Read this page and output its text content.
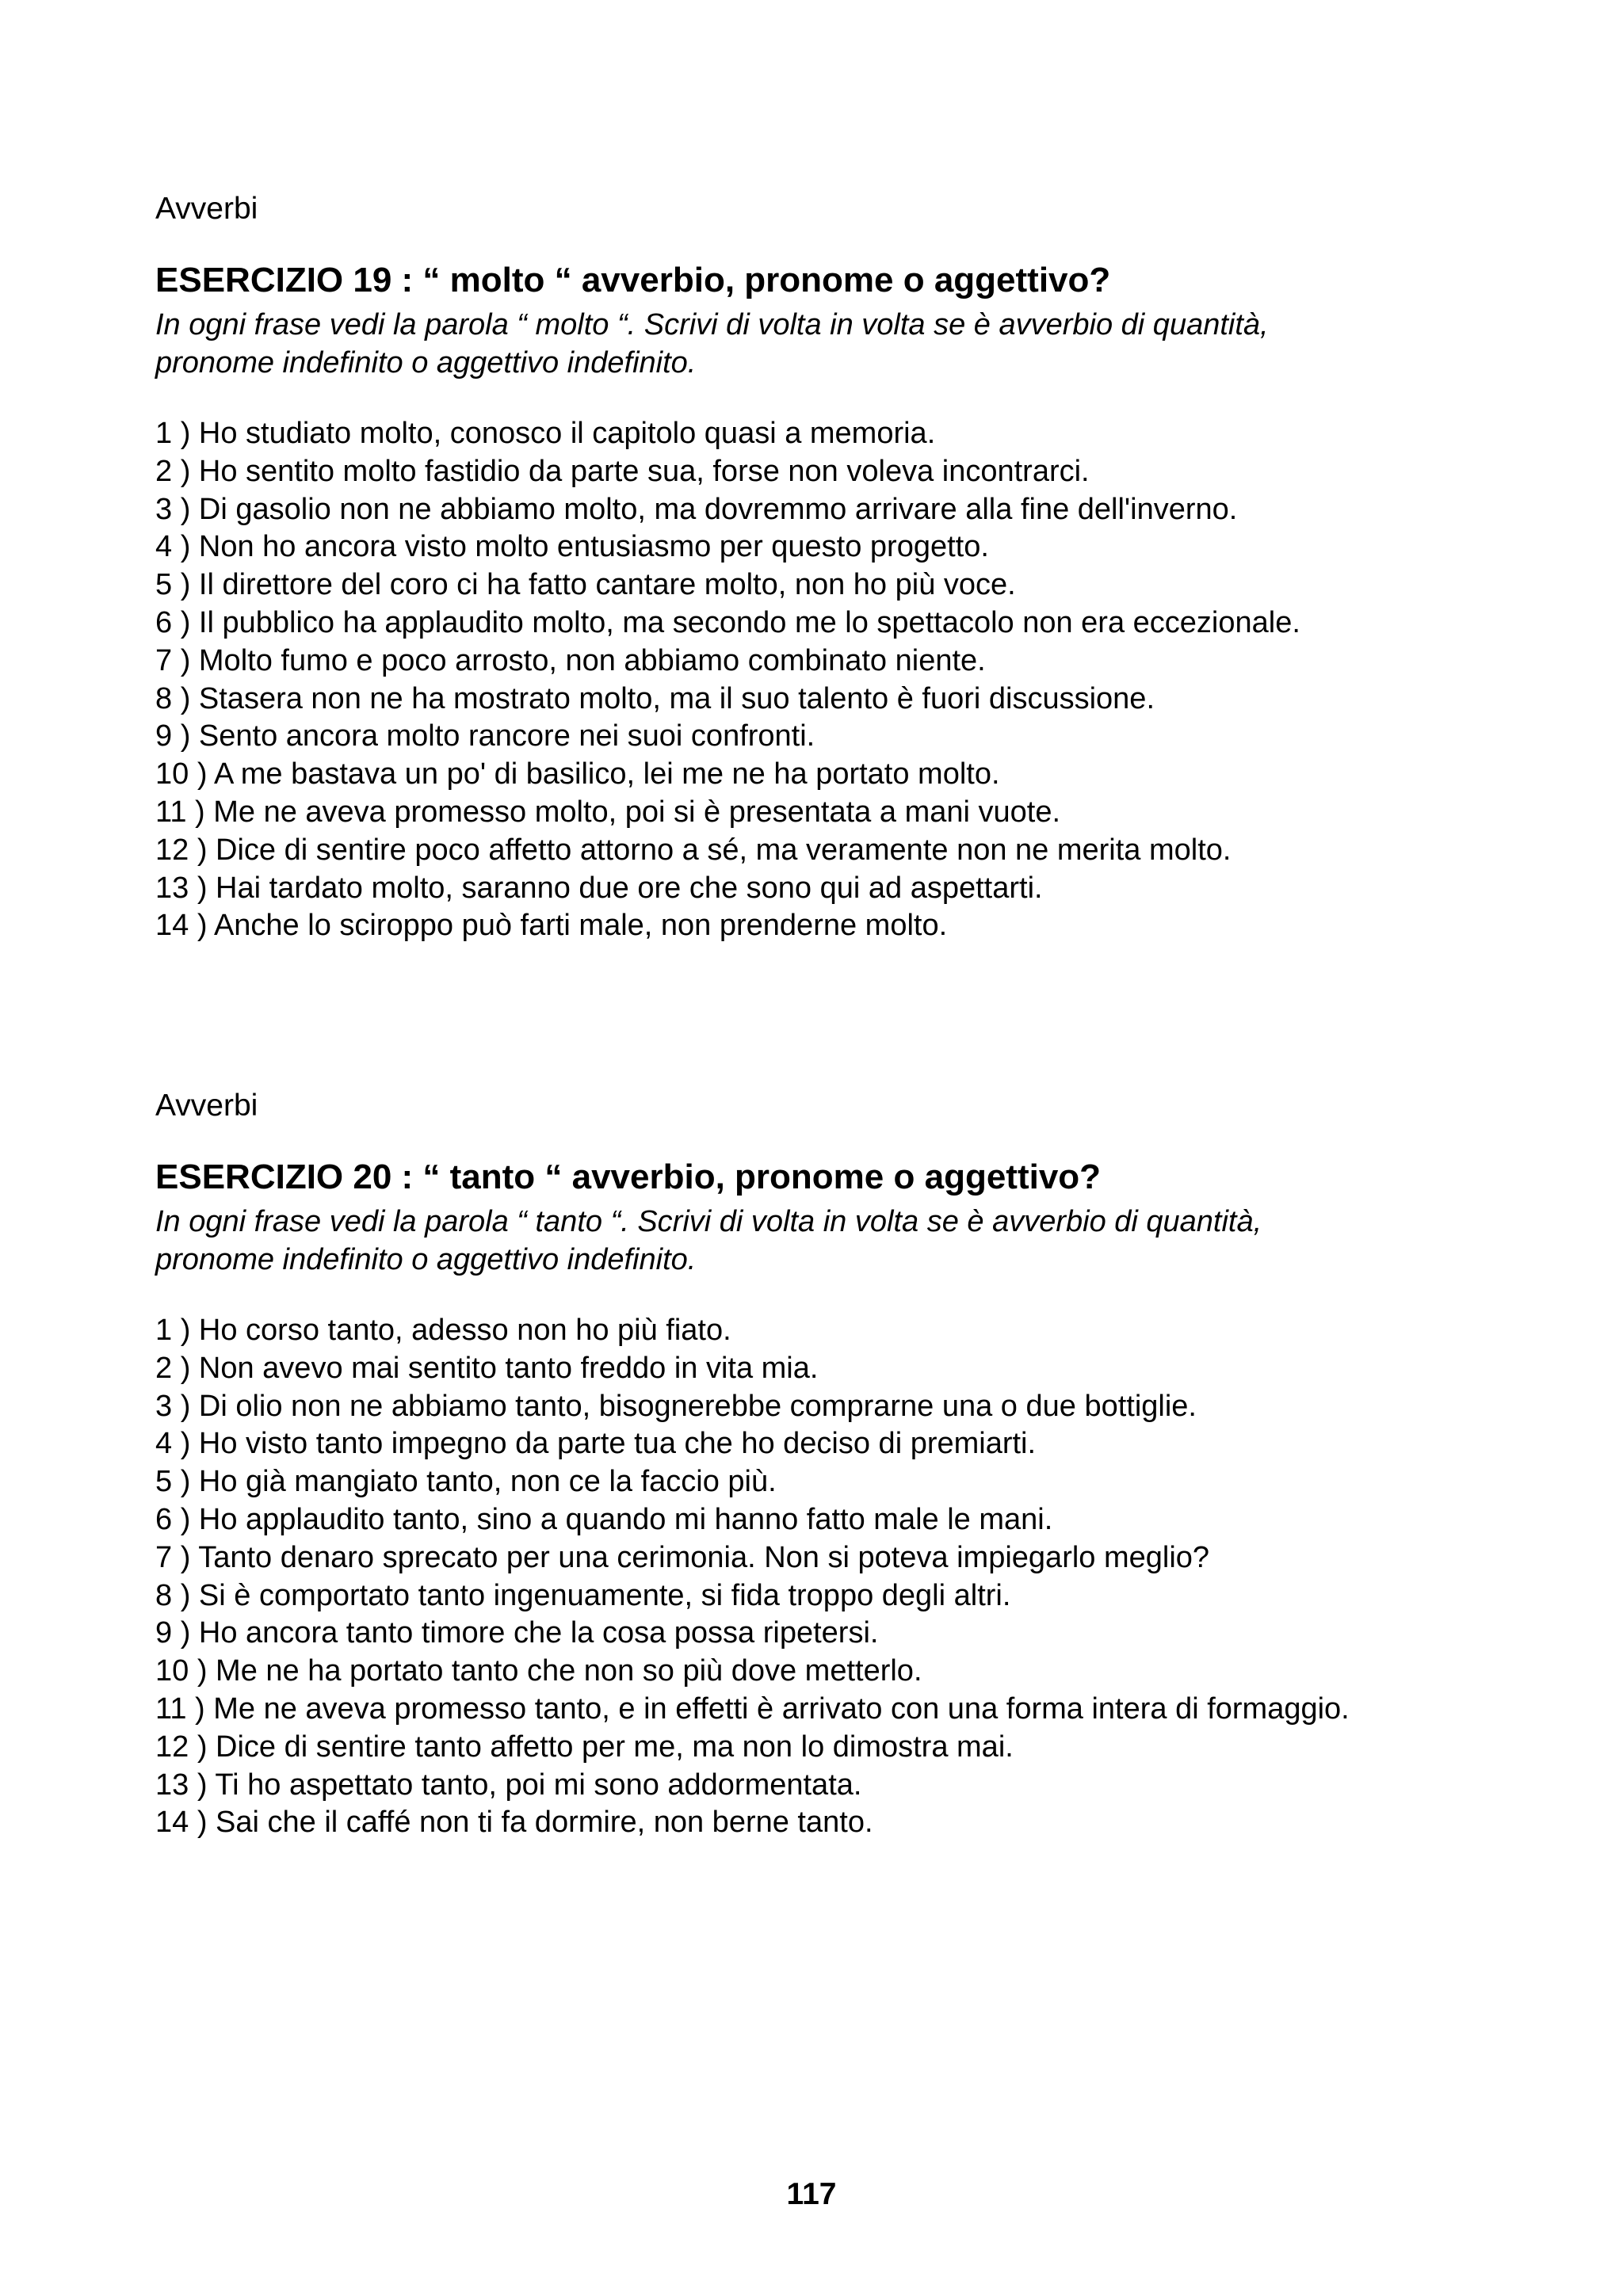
Avverbi

ESERCIZIO 19 : “ molto “ avverbio, pronome o aggettivo?

In ogni frase vedi la parola “ molto “. Scrivi di volta in volta se è avverbio di quantità,
pronome indefinito o aggettivo indefinito.

1 ) Ho studiato molto, conosco il capitolo quasi a memoria.
2 ) Ho sentito molto fastidio da parte sua, forse non voleva incontrarci.
3 ) Di gasolio non ne abbiamo molto, ma dovremmo arrivare alla fine dell'inverno.
4 ) Non ho ancora visto molto entusiasmo per questo progetto.
5 ) Il direttore del coro ci ha fatto cantare molto, non ho più voce.
6 ) Il pubblico ha applaudito molto, ma secondo me lo spettacolo non era eccezionale.
7 ) Molto fumo e poco arrosto, non abbiamo combinato niente.
8 ) Stasera non ne ha mostrato molto, ma il suo talento è fuori discussione.
9 ) Sento ancora molto rancore nei suoi confronti.
10 ) A me bastava un po' di basilico, lei me ne ha portato molto.
11 ) Me ne aveva promesso molto, poi si è presentata a mani vuote.
12 ) Dice di sentire poco affetto attorno a sé, ma veramente non ne merita molto.
13 ) Hai tardato molto, saranno due ore che sono qui ad aspettarti.
14 ) Anche lo sciroppo può farti male, non prenderne molto.

Avverbi

ESERCIZIO 20 : “ tanto “ avverbio, pronome o aggettivo?

In ogni frase vedi la parola “ tanto “. Scrivi di volta in volta se è avverbio di quantità,
pronome indefinito o aggettivo indefinito.

1 ) Ho corso tanto, adesso non ho più fiato.
2 ) Non avevo mai sentito tanto freddo in vita mia.
3 ) Di olio non ne abbiamo tanto, bisognerebbe comprarne una o due bottiglie.
4 ) Ho visto tanto impegno da parte tua che ho deciso di premiarti.
5 ) Ho già mangiato tanto, non ce la faccio più.
6 ) Ho applaudito tanto, sino a quando mi hanno fatto male le mani.
7 ) Tanto denaro sprecato per una cerimonia. Non si poteva impiegarlo meglio?
8 ) Si è comportato tanto ingenuamente, si fida troppo degli altri.
9 ) Ho ancora tanto timore che la cosa possa ripetersi.
10 ) Me ne ha portato tanto che non so più dove metterlo.
11 ) Me ne aveva promesso tanto, e in effetti è arrivato con una forma intera di formaggio.
12 ) Dice di sentire tanto affetto per me, ma non lo dimostra mai.
13 ) Ti ho aspettato tanto, poi mi sono addormentata.
14 ) Sai che il caffé non ti fa dormire, non berne tanto.
117
